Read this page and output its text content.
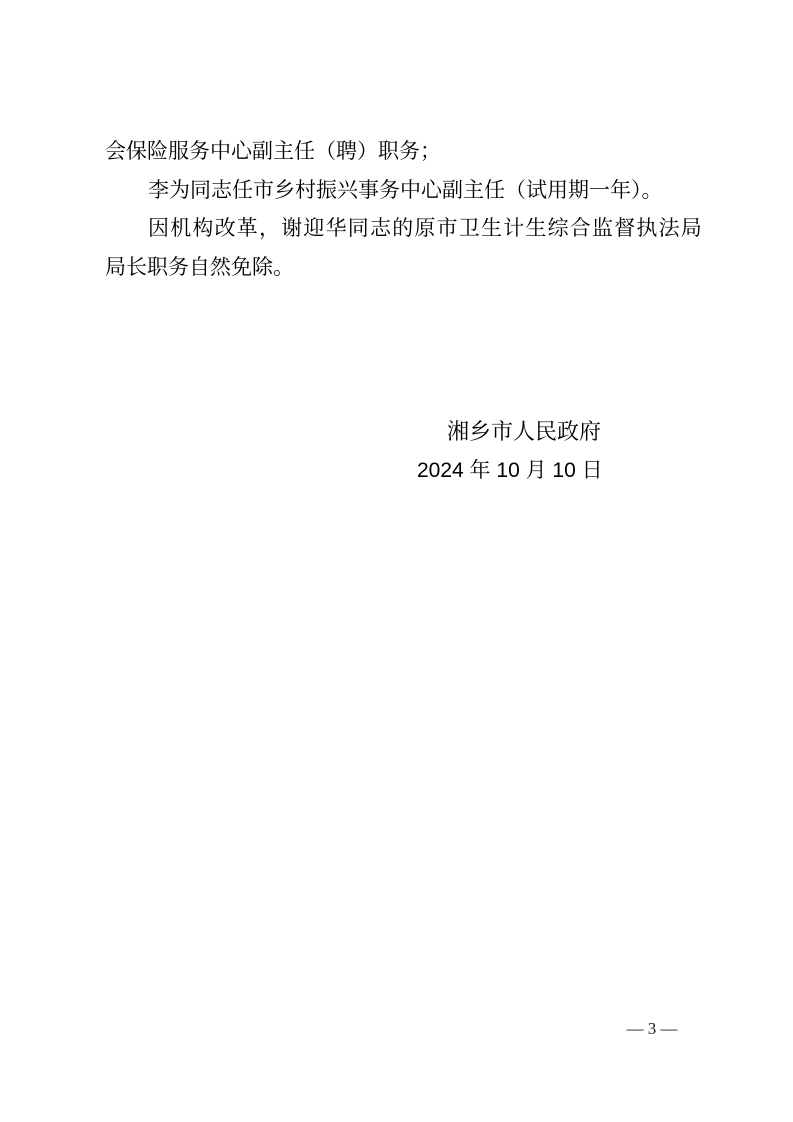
会保险服务中心副主任（聘）职务；
李为同志任市乡村振兴事务中心副主任（试用期一年）。
因机构改革，谢迎华同志的原市卫生计生综合监督执法局
局长职务自然免除。
湘乡市人民政府
2024 年 10 月 10 日
— 3 —
